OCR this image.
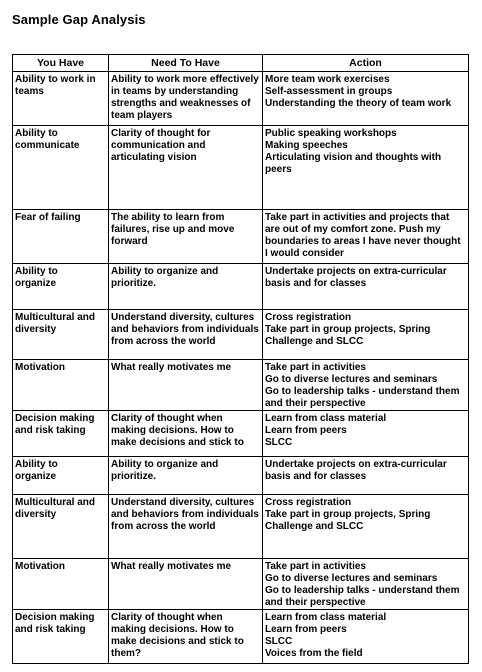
Sample Gap Analysis
You Have	Need To Have	Action

Ability to work in
teams	Ability to work more effectively
in teams by understanding
strengths and weaknesses of
team players	More team work exercises
Self-assessment in groups
Understanding the theory of team work

Ability to
communicate	Clarity of thought for
communication and
articulating vision	Public speaking workshops
Making speeches
Articulating vision and thoughts with
peers

Fear of failing	The ability to learn from
failures, rise up and move
forward	Take part in activities and projects that
are out of my comfort zone. Push my
boundaries to areas I have never thought
I would consider

Ability to
organize	Ability to organize and
prioritize.	Undertake projects on extra-curricular
basis and for classes

Multicultural and
diversity	Understand diversity, cultures
and behaviors from individuals
from across the world	Cross registration
Take part in group projects, Spring
Challenge and SLCC

Motivation	What really motivates me	Take part in activities
Go to diverse lectures and seminars
Go to leadership talks - understand them
and their perspective

Decision making
and risk taking	Clarity of thought when
making decisions. How to
make decisions and stick to	Learn from class material
Learn from peers
SLCC

Ability to
organize	Ability to organize and
prioritize.	Undertake projects on extra-curricular
basis and for classes

Multicultural and
diversity	Understand diversity, cultures
and behaviors from individuals
from across the world	Cross registration
Take part in group projects, Spring
Challenge and SLCC

Motivation	What really motivates me	Take part in activities
Go to diverse lectures and seminars
Go to leadership talks - understand them
and their perspective

Decision making
and risk taking	Clarity of thought when
making decisions. How to
make decisions and stick to
them?	Learn from class material
Learn from peers
SLCC
Voices from the field
